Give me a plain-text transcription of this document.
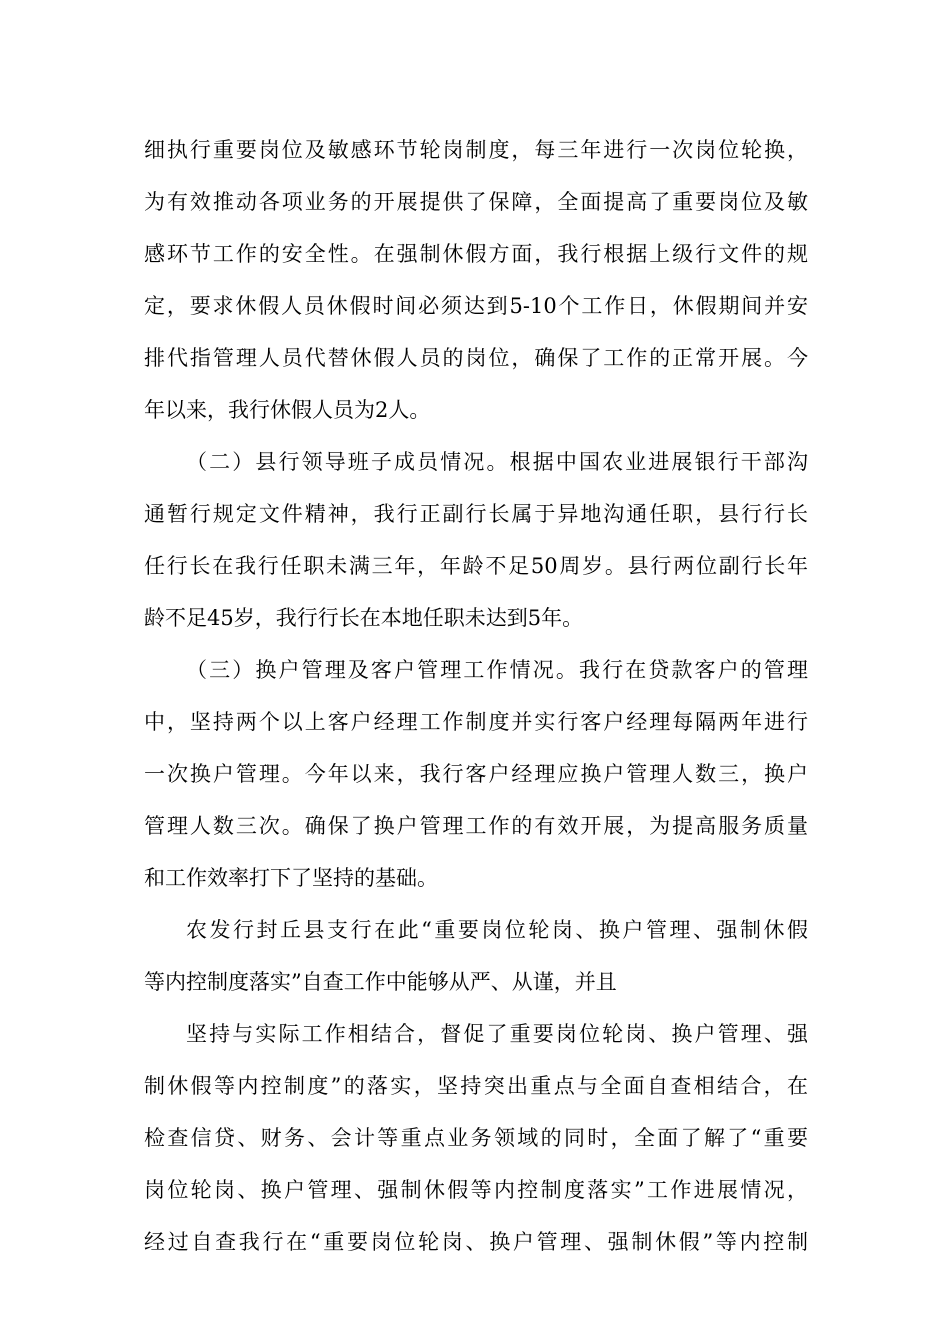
细执行重要岗位及敏感环节轮岗制度，每三年进行一次岗位轮换，
为有效推动各项业务的开展提供了保障，全面提高了重要岗位及敏
感环节工作的安全性。在强制休假方面，我行根据上级行文件的规
定，要求休假人员休假时间必须达到5-10个工作日，休假期间并安
排代指管理人员代替休假人员的岗位，确保了工作的正常开展。今
年以来，我行休假人员为2人。
（二）县行领导班子成员情况。根据中国农业进展银行干部沟
通暂行规定文件精神，我行正副行长属于异地沟通任职，县行行长
任行长在我行任职未满三年，年龄不足50周岁。县行两位副行长年
龄不足45岁，我行行长在本地任职未达到5年。
（三）换户管理及客户管理工作情况。我行在贷款客户的管理
中，坚持两个以上客户经理工作制度并实行客户经理每隔两年进行
一次换户管理。今年以来，我行客户经理应换户管理人数三，换户
管理人数三次。确保了换户管理工作的有效开展，为提高服务质量
和工作效率打下了坚持的基础。
农发行封丘县支行在此“重要岗位轮岗、换户管理、强制休假
等内控制度落实”自查工作中能够从严、从谨，并且
坚持与实际工作相结合，督促了重要岗位轮岗、换户管理、强
制休假等内控制度”的落实，坚持突出重点与全面自查相结合，在
检查信贷、财务、会计等重点业务领域的同时，全面了解了“重要
岗位轮岗、换户管理、强制休假等内控制度落实”工作进展情况，
经过自查我行在“重要岗位轮岗、换户管理、强制休假”等内控制
